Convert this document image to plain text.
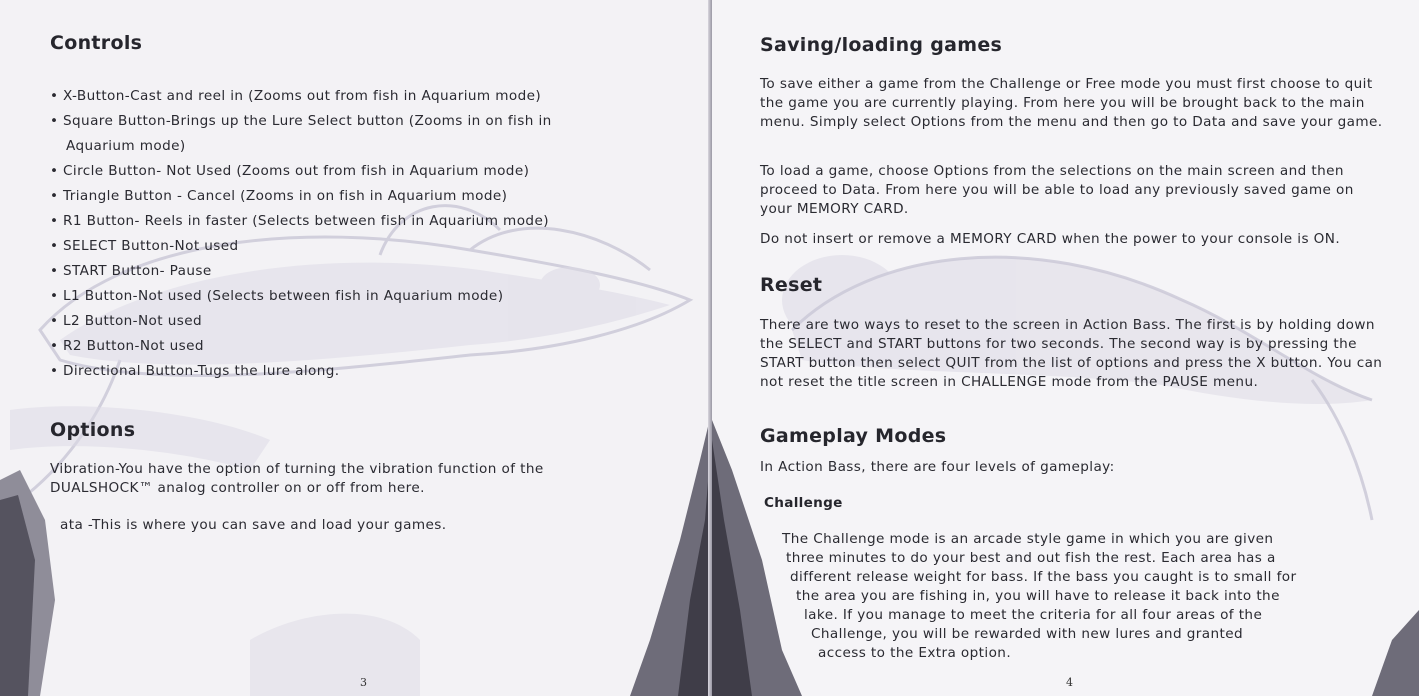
Controls
• X-Button-Cast and reel in (Zooms out from fish in Aquarium mode)
• Square Button-Brings up the Lure Select button (Zooms in on fish in
Aquarium mode)
• Circle Button- Not Used (Zooms out from fish in Aquarium mode)
• Triangle Button - Cancel (Zooms in on fish in Aquarium mode)
• R1 Button- Reels in faster (Selects between fish in Aquarium mode)
• SELECT Button-Not used
• START Button- Pause
• L1 Button-Not used (Selects between fish in Aquarium mode)
• L2 Button-Not used
• R2 Button-Not used
• Directional Button-Tugs the lure along.
Options

Vibration-You have the option of turning the vibration function of the DUALSHOCK™ analog controller on or off from here.

ata -This is where you can save and load your games.

3
Saving/loading games

To save either a game from the Challenge or Free mode you must first choose to quit the game you are currently playing. From here you will be brought back to the main menu. Simply select Options from the menu and then go to Data and save your game.

To load a game, choose Options from the selections on the main screen and then proceed to Data. From here you will be able to load any previously saved game on your MEMORY CARD.

Do not insert or remove a MEMORY CARD when the power to your console is ON.

Reset

There are two ways to reset to the screen in Action Bass. The first is by holding down the SELECT and START buttons for two seconds. The second way is by pressing the START button then select QUIT from the list of options and press the X button. You can not reset the title screen in CHALLENGE mode from the PAUSE menu.

Gameplay Modes

In Action Bass, there are four levels of gameplay:

Challenge

The Challenge mode is an arcade style game in which you are given

three minutes to do your best and out fish the rest. Each area has a

different release weight for bass. If the bass you caught is to small for

the area you are fishing in, you will have to release it back into the

lake. If you manage to meet the criteria for all four areas of the

Challenge, you will be rewarded with new lures and granted

access to the Extra option.

4
